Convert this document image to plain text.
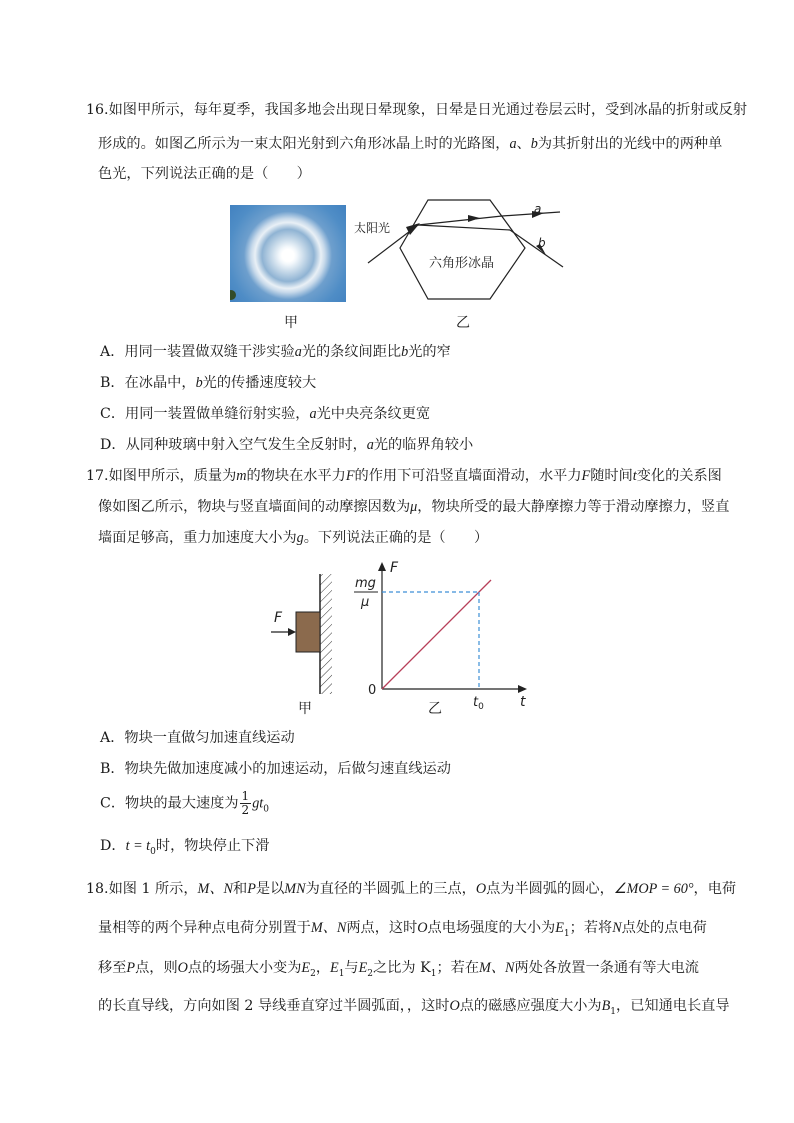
16.如图甲所示，每年夏季，我国多地会出现日晕现象，日晕是日光通过卷层云时，受到冰晶的折射或反射
形成的。如图乙所示为一束太阳光射到六角形冰晶上时的光路图，a、b为其折射出的光线中的两种单
色光，下列说法正确的是（　　）
甲
太阳光
六角形冰晶
a
b
乙
A．用同一装置做双缝干涉实验a光的条纹间距比b光的窄
B．在冰晶中，b光的传播速度较大
C．用同一装置做单缝衍射实验，a光中央亮条纹更宽
D．从同种玻璃中射入空气发生全反射时，a光的临界角较小
17.如图甲所示，质量为m的物块在水平力F的作用下可沿竖直墙面滑动，水平力F随时间t变化的关系图
像如图乙所示，物块与竖直墙面间的动摩擦因数为μ，物块所受的最大静摩擦力等于滑动摩擦力，竖直
墙面足够高，重力加速度大小为g。下列说法正确的是（　　）
F
甲
F
t
0
mg
μ
$t_0$
乙
A．物块一直做匀加速直线运动
B．物块先做加速度减小的加速运动，后做匀速直线运动
C．物块的最大速度为 $\frac{1}{2} gt_0$
D．$t = t_0$时，物块停止下滑
18.如图 1 所示，M、N和P是以MN为直径的半圆弧上的三点，O点为半圆弧的圆心，∠MOP = 60°，电荷
量相等的两个异种点电荷分别置于M、N两点，这时O点电场强度的大小为$E_1$；若将N点处的点电荷
移至P点，则O点的场强大小变为$E_2$，$E_1$与$E_2$之比为 $K_1$；若在M、N两处各放置一条通有等大电流
的长直导线，方向如图 2 导线垂直穿过半圆弧面，，这时O点的磁感应强度大小为$B_1$，已知通电长直导
